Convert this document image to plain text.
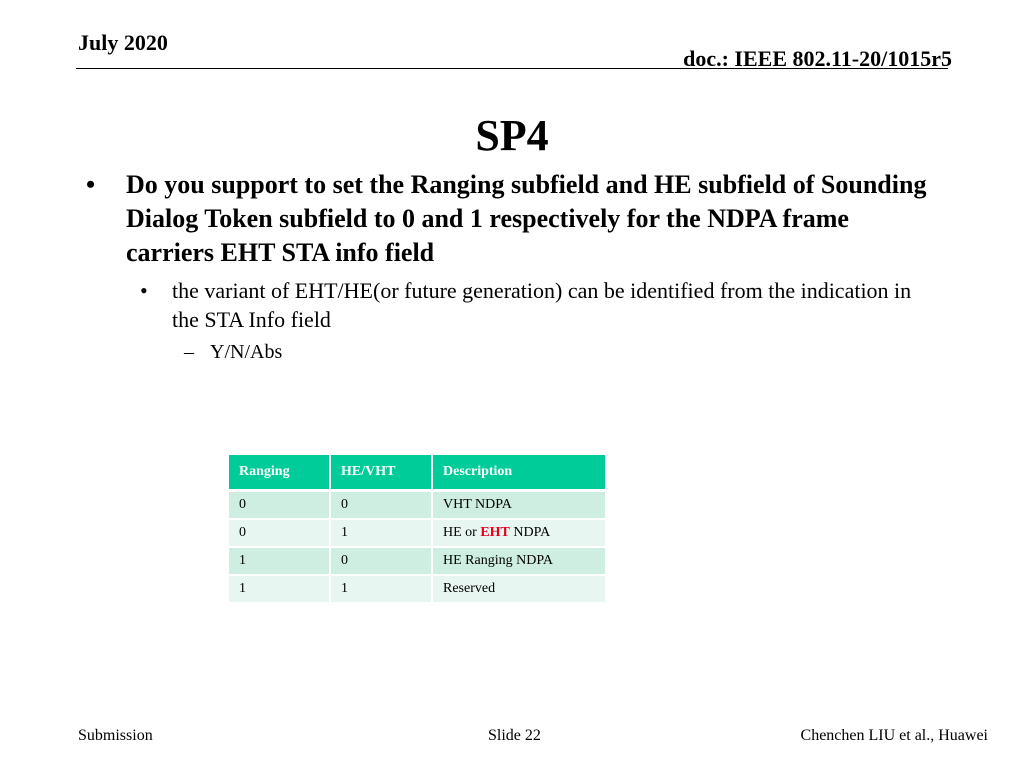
July 2020
doc.: IEEE 802.11-20/1015r5
SP4
•	Do you support to set the Ranging subfield and HE subfield of Sounding Dialog Token subfield to 0 and 1 respectively for the NDPA frame carriers EHT STA info field
•	the variant of EHT/HE(or future generation) can be identified from the indication in the STA Info field
– Y/N/Abs
Ranging	HE/VHT	Description
0	0	VHT NDPA
0	1	HE or EHT NDPA
1	0	HE Ranging NDPA
1	1	Reserved
Submission	Slide 22	Chenchen LIU et al., Huawei
